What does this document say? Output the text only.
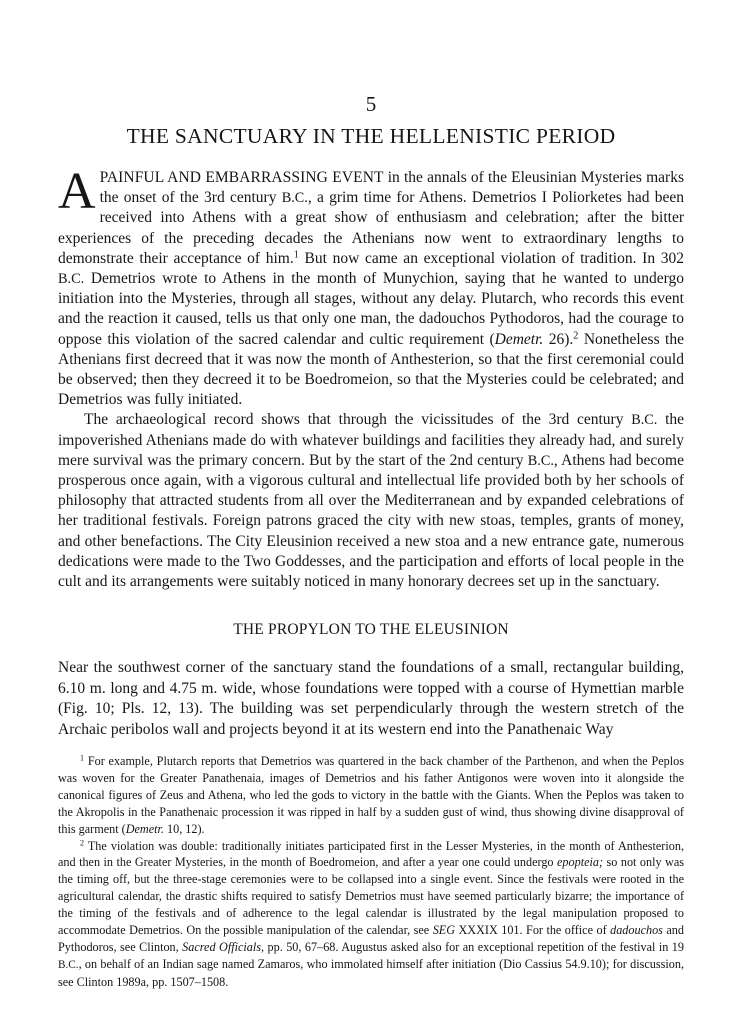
5
THE SANCTUARY IN THE HELLENISTIC PERIOD

APAINFUL AND EMBARRASSING EVENT in the annals of the Eleusinian Mysteries marks the onset of the 3rd century B.C., a grim time for Athens. Demetrios I Poliorketes had been received into Athens with a great show of enthusiasm and celebration; after the bitter experiences of the preceding decades the Athenians now went to extraordinary lengths to demonstrate their acceptance of him.$^1$ But now came an exceptional violation of tradition. In 302 B.C. Demetrios wrote to Athens in the month of Munychion, saying that he wanted to undergo initiation into the Mysteries, through all stages, without any delay. Plutarch, who records this event and the reaction it caused, tells us that only one man, the dadouchos Pythodoros, had the courage to oppose this violation of the sacred calendar and cultic requirement (Demetr. 26).$^2$ Nonetheless the Athenians first decreed that it was now the month of Anthesterion, so that the first ceremonial could be observed; then they decreed it to be Boedromeion, so that the Mysteries could be celebrated; and Demetrios was fully initiated.

The archaeological record shows that through the vicissitudes of the 3rd century B.C. the impoverished Athenians made do with whatever buildings and facilities they already had, and surely mere survival was the primary concern. But by the start of the 2nd century B.C., Athens had become prosperous once again, with a vigorous cultural and intellectual life provided both by her schools of philosophy that attracted students from all over the Mediterranean and by expanded celebrations of her traditional festivals. Foreign patrons graced the city with new stoas, temples, grants of money, and other benefactions. The City Eleusinion received a new stoa and a new entrance gate, numerous dedications were made to the Two Goddesses, and the participation and efforts of local people in the cult and its arrangements were suitably noticed in many honorary decrees set up in the sanctuary.

THE PROPYLON TO THE ELEUSINION

Near the southwest corner of the sanctuary stand the foundations of a small, rectangular building, 6.10 m. long and 4.75 m. wide, whose foundations were topped with a course of Hymettian marble (Fig. 10; Pls. 12, 13). The building was set perpendicularly through the western stretch of the Archaic peribolos wall and projects beyond it at its western end into the Panathenaic Way

$^1$ For example, Plutarch reports that Demetrios was quartered in the back chamber of the Parthenon, and when the Peplos was woven for the Greater Panathenaia, images of Demetrios and his father Antigonos were woven into it alongside the canonical figures of Zeus and Athena, who led the gods to victory in the battle with the Giants. When the Peplos was taken to the Akropolis in the Panathenaic procession it was ripped in half by a sudden gust of wind, thus showing divine disapproval of this garment (Demetr. 10, 12).

$^2$ The violation was double: traditionally initiates participated first in the Lesser Mysteries, in the month of Anthesterion, and then in the Greater Mysteries, in the month of Boedromeion, and after a year one could undergo epopteia; so not only was the timing off, but the three-stage ceremonies were to be collapsed into a single event. Since the festivals were rooted in the agricultural calendar, the drastic shifts required to satisfy Demetrios must have seemed particularly bizarre; the importance of the timing of the festivals and of adherence to the legal calendar is illustrated by the legal manipulation proposed to accommodate Demetrios. On the possible manipulation of the calendar, see SEG XXXIX 101. For the office of dadouchos and Pythodoros, see Clinton, Sacred Officials, pp. 50, 67–68. Augustus asked also for an exceptional repetition of the festival in 19 B.C., on behalf of an Indian sage named Zamaros, who immolated himself after initiation (Dio Cassius 54.9.10); for discussion, see Clinton 1989a, pp. 1507–1508.
